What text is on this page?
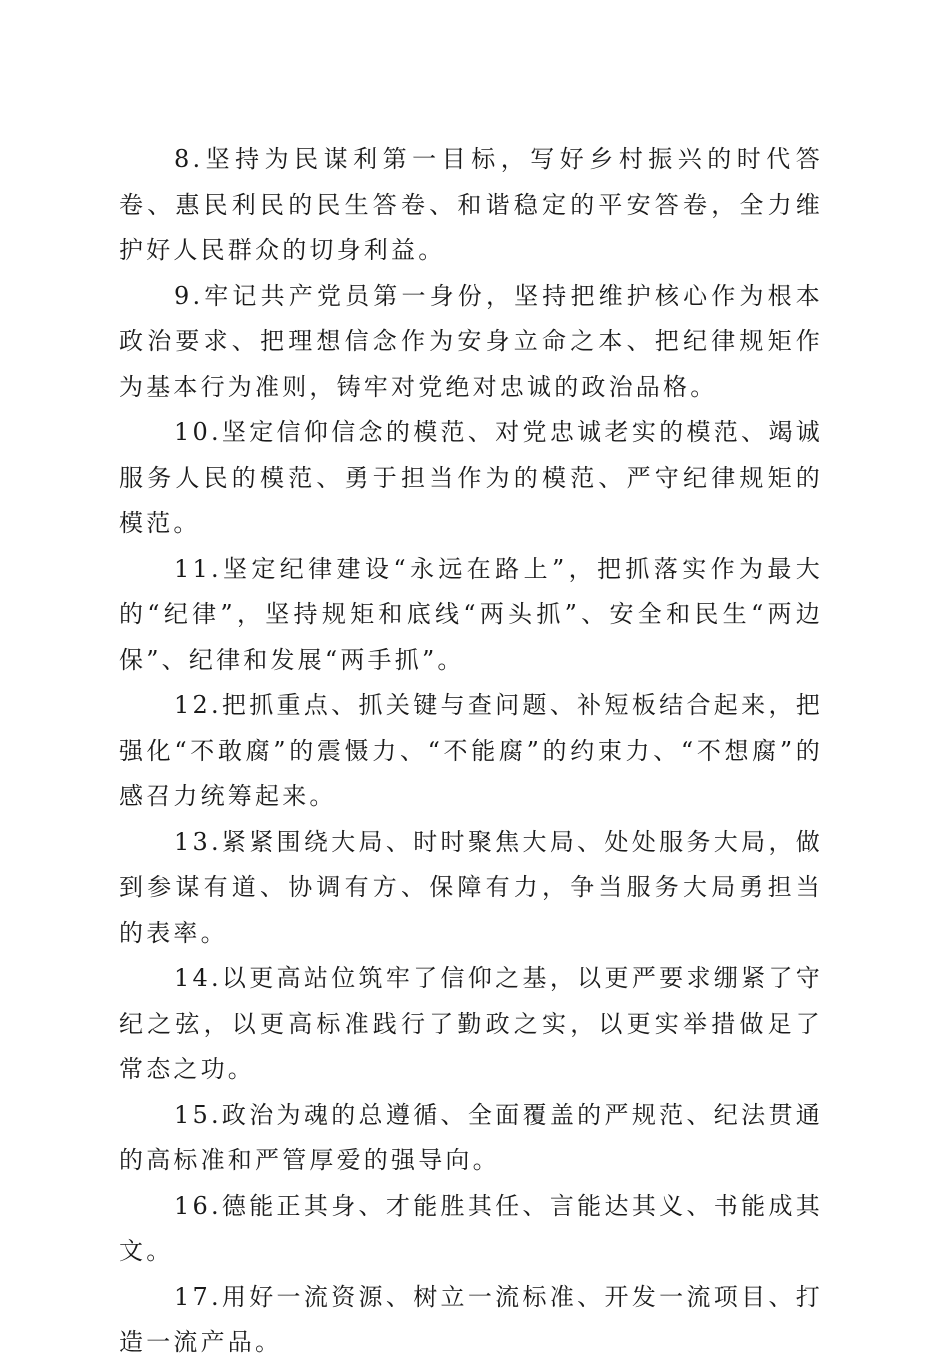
8.坚持为民谋利第一目标，写好乡村振兴的时代答卷、惠民利民的民生答卷、和谐稳定的平安答卷，全力维护好人民群众的切身利益。

9.牢记共产党员第一身份，坚持把维护核心作为根本政治要求、把理想信念作为安身立命之本、把纪律规矩作为基本行为准则，铸牢对党绝对忠诚的政治品格。

10.坚定信仰信念的模范、对党忠诚老实的模范、竭诚服务人民的模范、勇于担当作为的模范、严守纪律规矩的模范。

11.坚定纪律建设“永远在路上”，把抓落实作为最大的“纪律”，坚持规矩和底线“两头抓”、安全和民生“两边保”、纪律和发展“两手抓”。

12.把抓重点、抓关键与查问题、补短板结合起来，把强化“不敢腐”的震慑力、“不能腐”的约束力、“不想腐”的感召力统筹起来。

13.紧紧围绕大局、时时聚焦大局、处处服务大局，做到参谋有道、协调有方、保障有力，争当服务大局勇担当的表率。

14.以更高站位筑牢了信仰之基，以更严要求绷紧了守纪之弦，以更高标准践行了勤政之实，以更实举措做足了常态之功。

15.政治为魂的总遵循、全面覆盖的严规范、纪法贯通的高标准和严管厚爱的强导向。

16.德能正其身、才能胜其任、言能达其义、书能成其文。

17.用好一流资源、树立一流标准、开发一流项目、打造一流产品。
